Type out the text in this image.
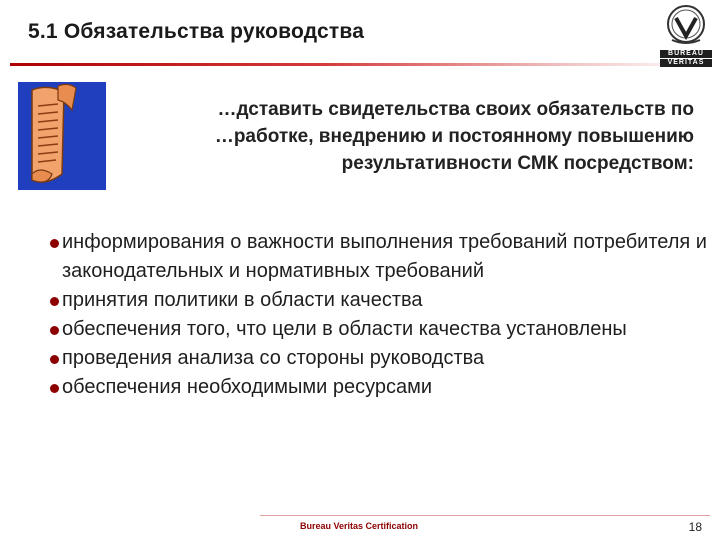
5.1 Обязательства руководства
BUREAU
VERITAS
…дставить свидетельства своих обязательств по
…работке, внедрению и постоянному повышению
результативности СМК посредством:
информирования о важности выполнения требований потребителя и законодательных и нормативных требований
принятия политики в области качества
обеспечения того, что цели в области качества установлены
проведения анализа со стороны руководства
обеспечения необходимыми ресурсами
Bureau Veritas Certification	18
